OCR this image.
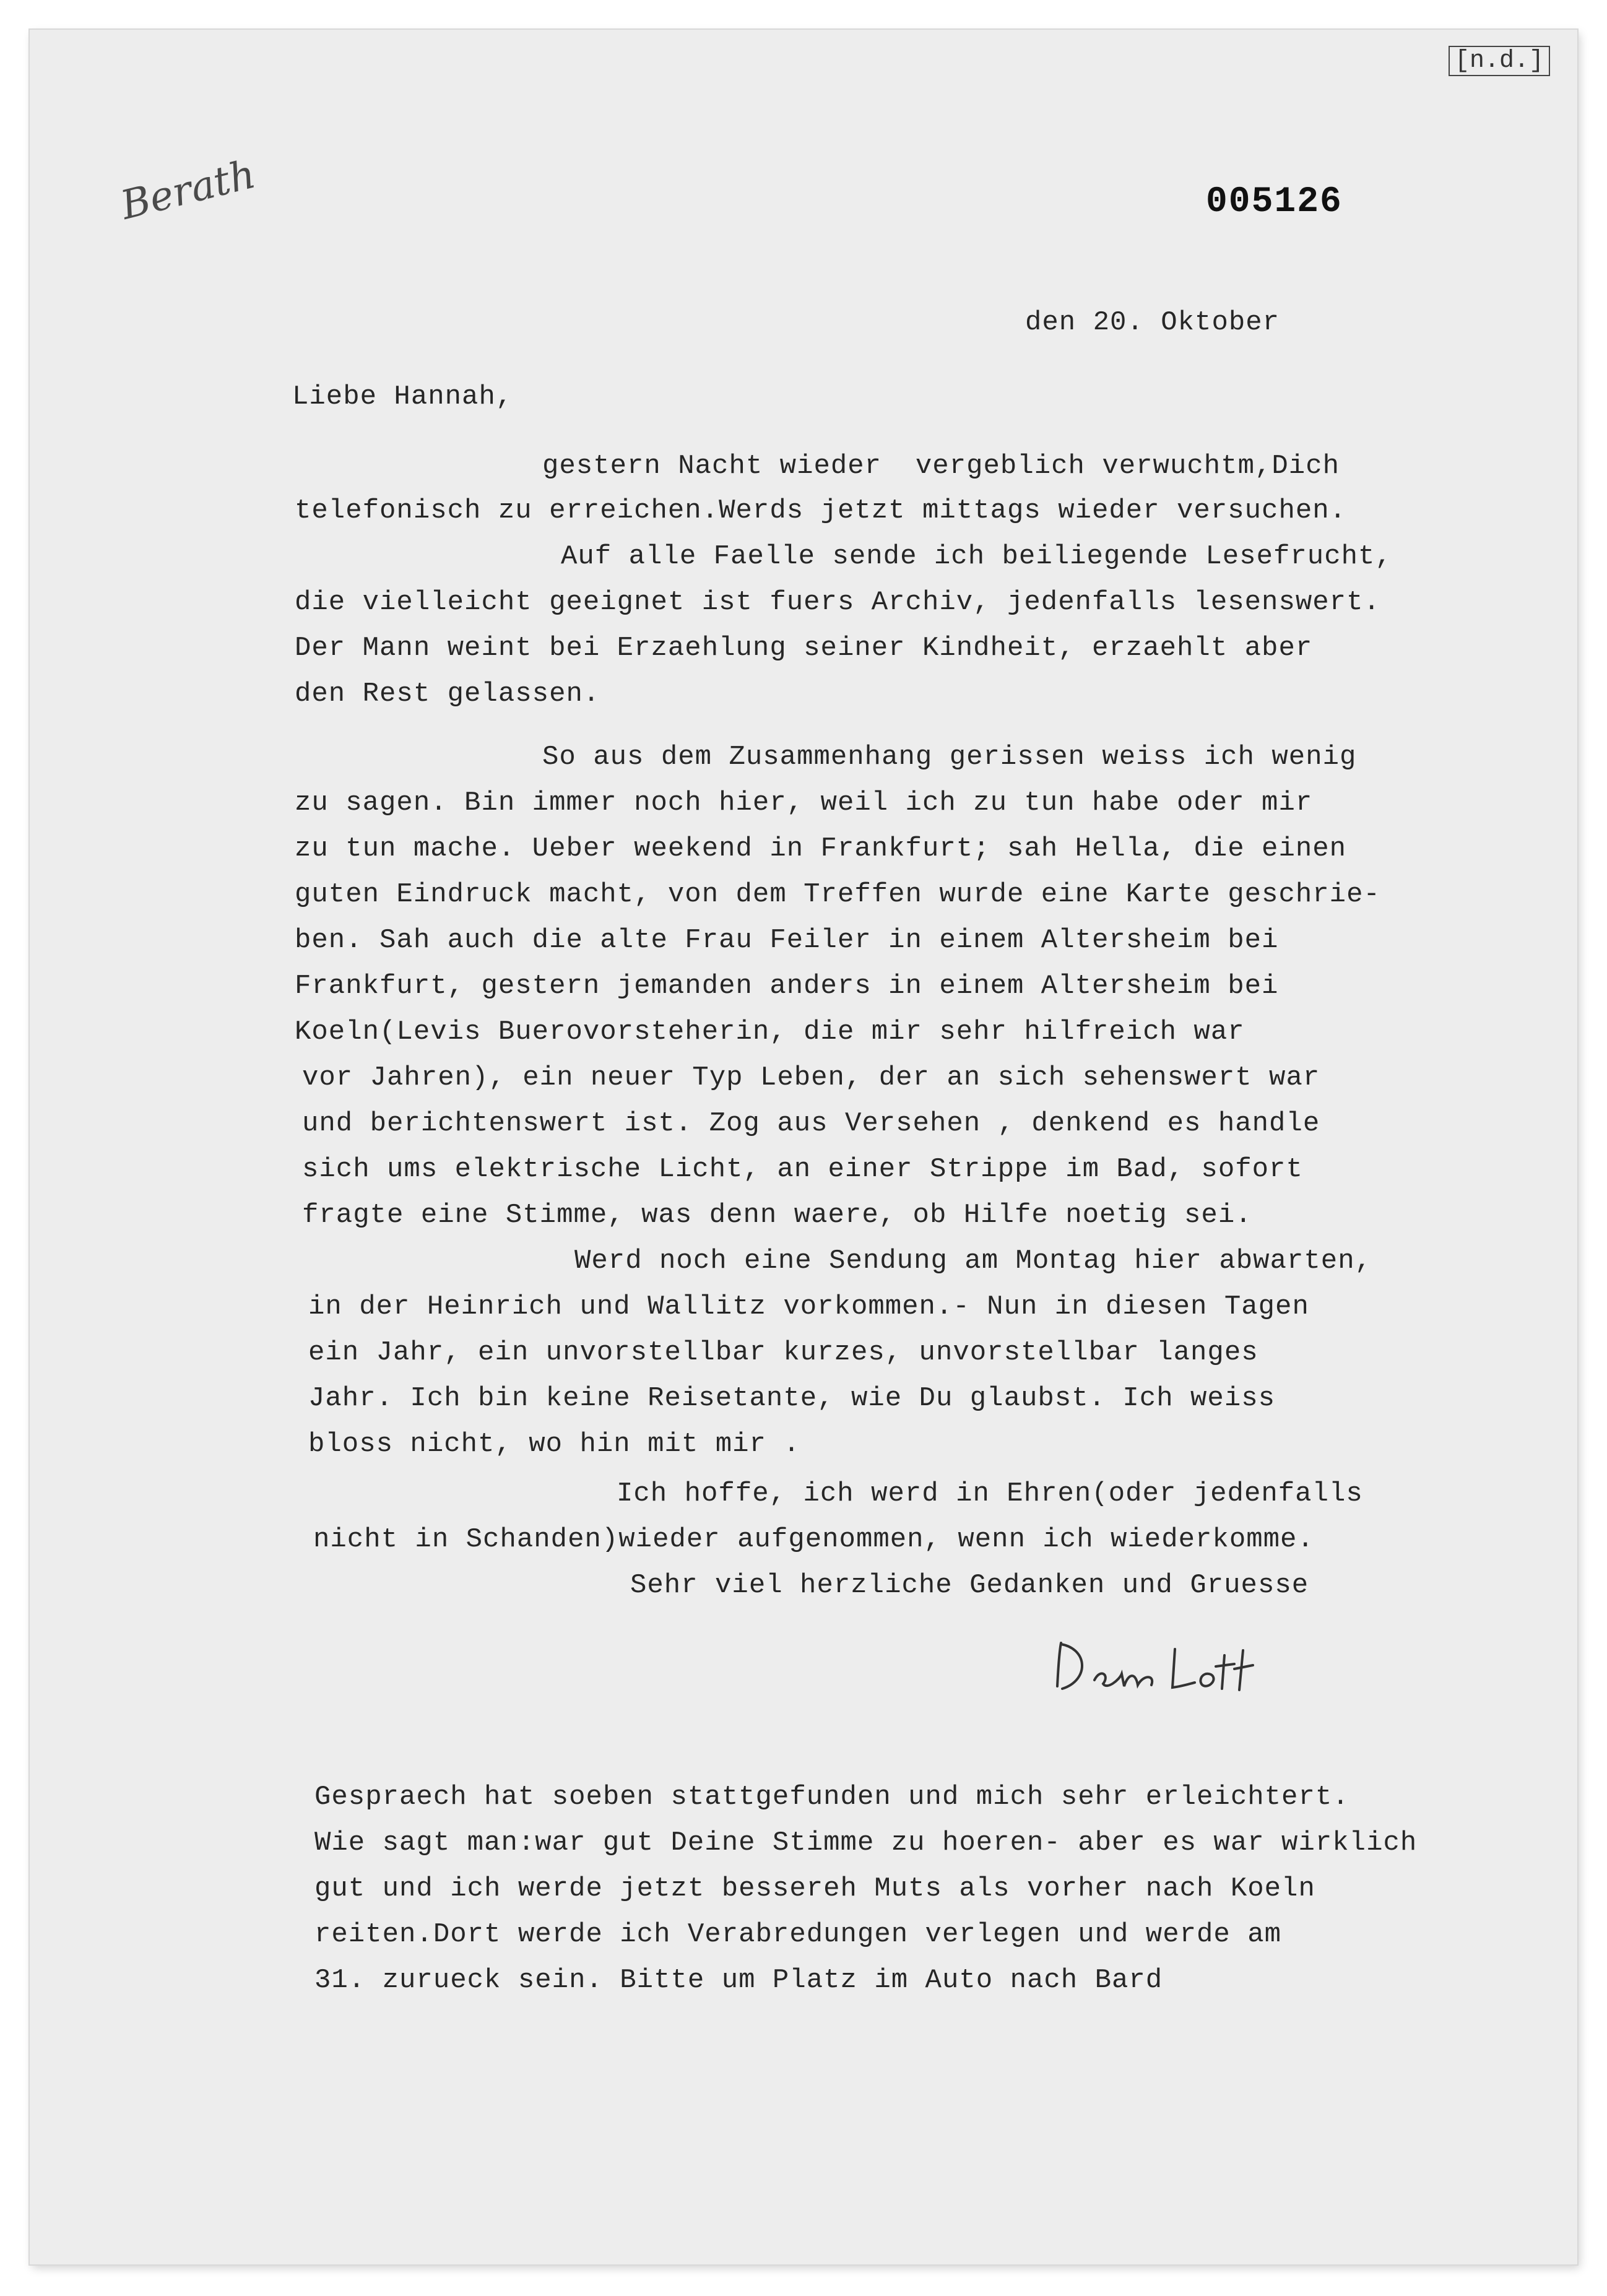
[n.d.]
Berath	005126
den 20. Oktober
Liebe Hannah,
gestern Nacht wieder  vergeblich verwuchtm,Dich
telefonisch zu erreichen.Werds jetzt mittags wieder versuchen.
Auf alle Faelle sende ich beiliegende Lesefrucht,
die vielleicht geeignet ist fuers Archiv, jedenfalls lesenswert.
Der Mann weint bei Erzaehlung seiner Kindheit, erzaehlt aber
den Rest gelassen.
So aus dem Zusammenhang gerissen weiss ich wenig
zu sagen. Bin immer noch hier, weil ich zu tun habe oder mir
zu tun mache. Ueber weekend in Frankfurt; sah Hella, die einen
guten Eindruck macht, von dem Treffen wurde eine Karte geschrie-
ben. Sah auch die alte Frau Feiler in einem Altersheim bei
Frankfurt, gestern jemanden anders in einem Altersheim bei
Koeln(Levis Buerovorsteherin, die mir sehr hilfreich war
vor Jahren), ein neuer Typ Leben, der an sich sehenswert war
und berichtenswert ist. Zog aus Versehen , denkend es handle
sich ums elektrische Licht, an einer Strippe im Bad, sofort
fragte eine Stimme, was denn waere, ob Hilfe noetig sei.
Werd noch eine Sendung am Montag hier abwarten,
in der Heinrich und Wallitz vorkommen.- Nun in diesen Tagen
ein Jahr, ein unvorstellbar kurzes, unvorstellbar langes
Jahr. Ich bin keine Reisetante, wie Du glaubst. Ich weiss
bloss nicht, wo hin mit mir .
Ich hoffe, ich werd in Ehren(oder jedenfalls
nicht in Schanden)wieder aufgenommen, wenn ich wiederkomme.
Sehr viel herzliche Gedanken und Gruesse

Gespraech hat soeben stattgefunden und mich sehr erleichtert.
Wie sagt man:war gut Deine Stimme zu hoeren- aber es war wirklich
gut und ich werde jetzt bessereh Muts als vorher nach Koeln
reiten.Dort werde ich Verabredungen verlegen und werde am
31. zurueck sein. Bitte um Platz im Auto nach Bard
